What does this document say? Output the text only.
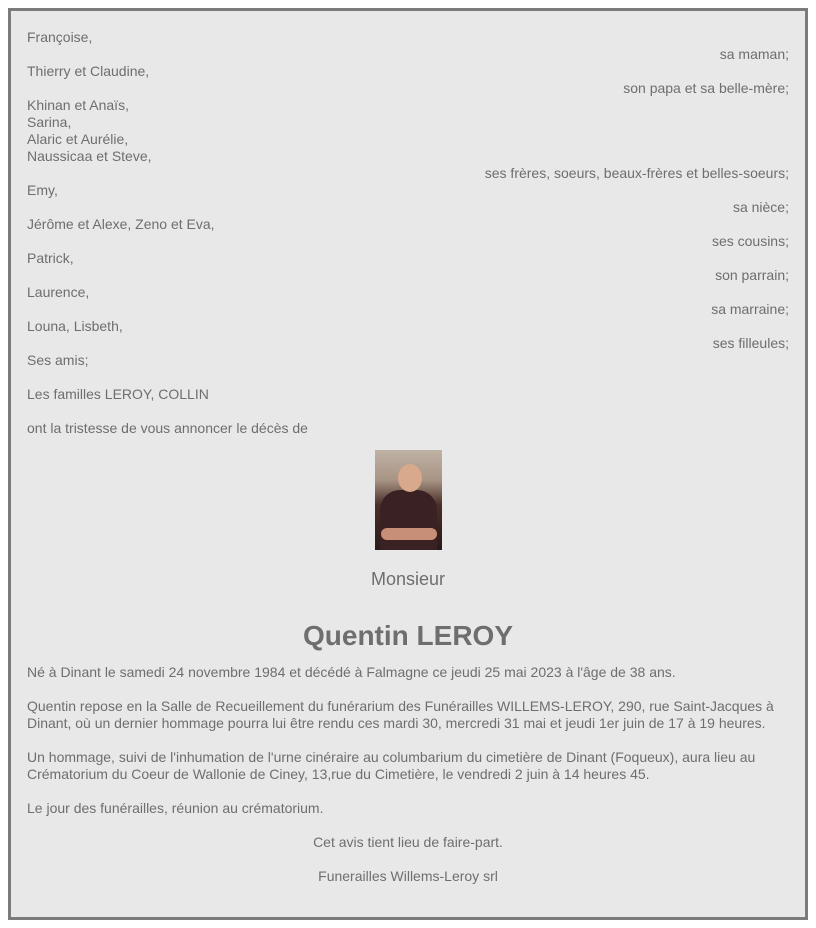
Françoise,
sa maman;
Thierry et Claudine,
son papa et sa belle-mère;
Khinan et Anaïs,
Sarina,
Alaric et Aurélie,
Naussicaa et Steve,
ses frères, soeurs, beaux-frères et belles-soeurs;
Emy,
sa nièce;
Jérôme et Alexe, Zeno et Eva,
ses cousins;
Patrick,
son parrain;
Laurence,
sa marraine;
Louna, Lisbeth,
ses filleules;
Ses amis;
Les familles LEROY, COLLIN
ont la tristesse de vous annoncer le décès de
Monsieur
Quentin LEROY
Né à Dinant le samedi 24 novembre 1984 et décédé à Falmagne ce jeudi 25 mai 2023 à l'âge de 38 ans.
Quentin repose en la Salle de Recueillement du funérarium des Funérailles WILLEMS-LEROY, 290, rue Saint-Jacques à Dinant, où un dernier hommage pourra lui être rendu ces mardi 30, mercredi 31 mai et jeudi 1er juin de 17 à 19 heures.
Un hommage, suivi de l'inhumation de l'urne cinéraire au columbarium du cimetière de Dinant (Foqueux), aura lieu au Crématorium du Coeur de Wallonie de Ciney, 13,rue du Cimetière, le vendredi 2 juin à 14 heures 45.
Le jour des funérailles, réunion au crématorium.
Cet avis tient lieu de faire-part.
Funerailles Willems-Leroy srl
